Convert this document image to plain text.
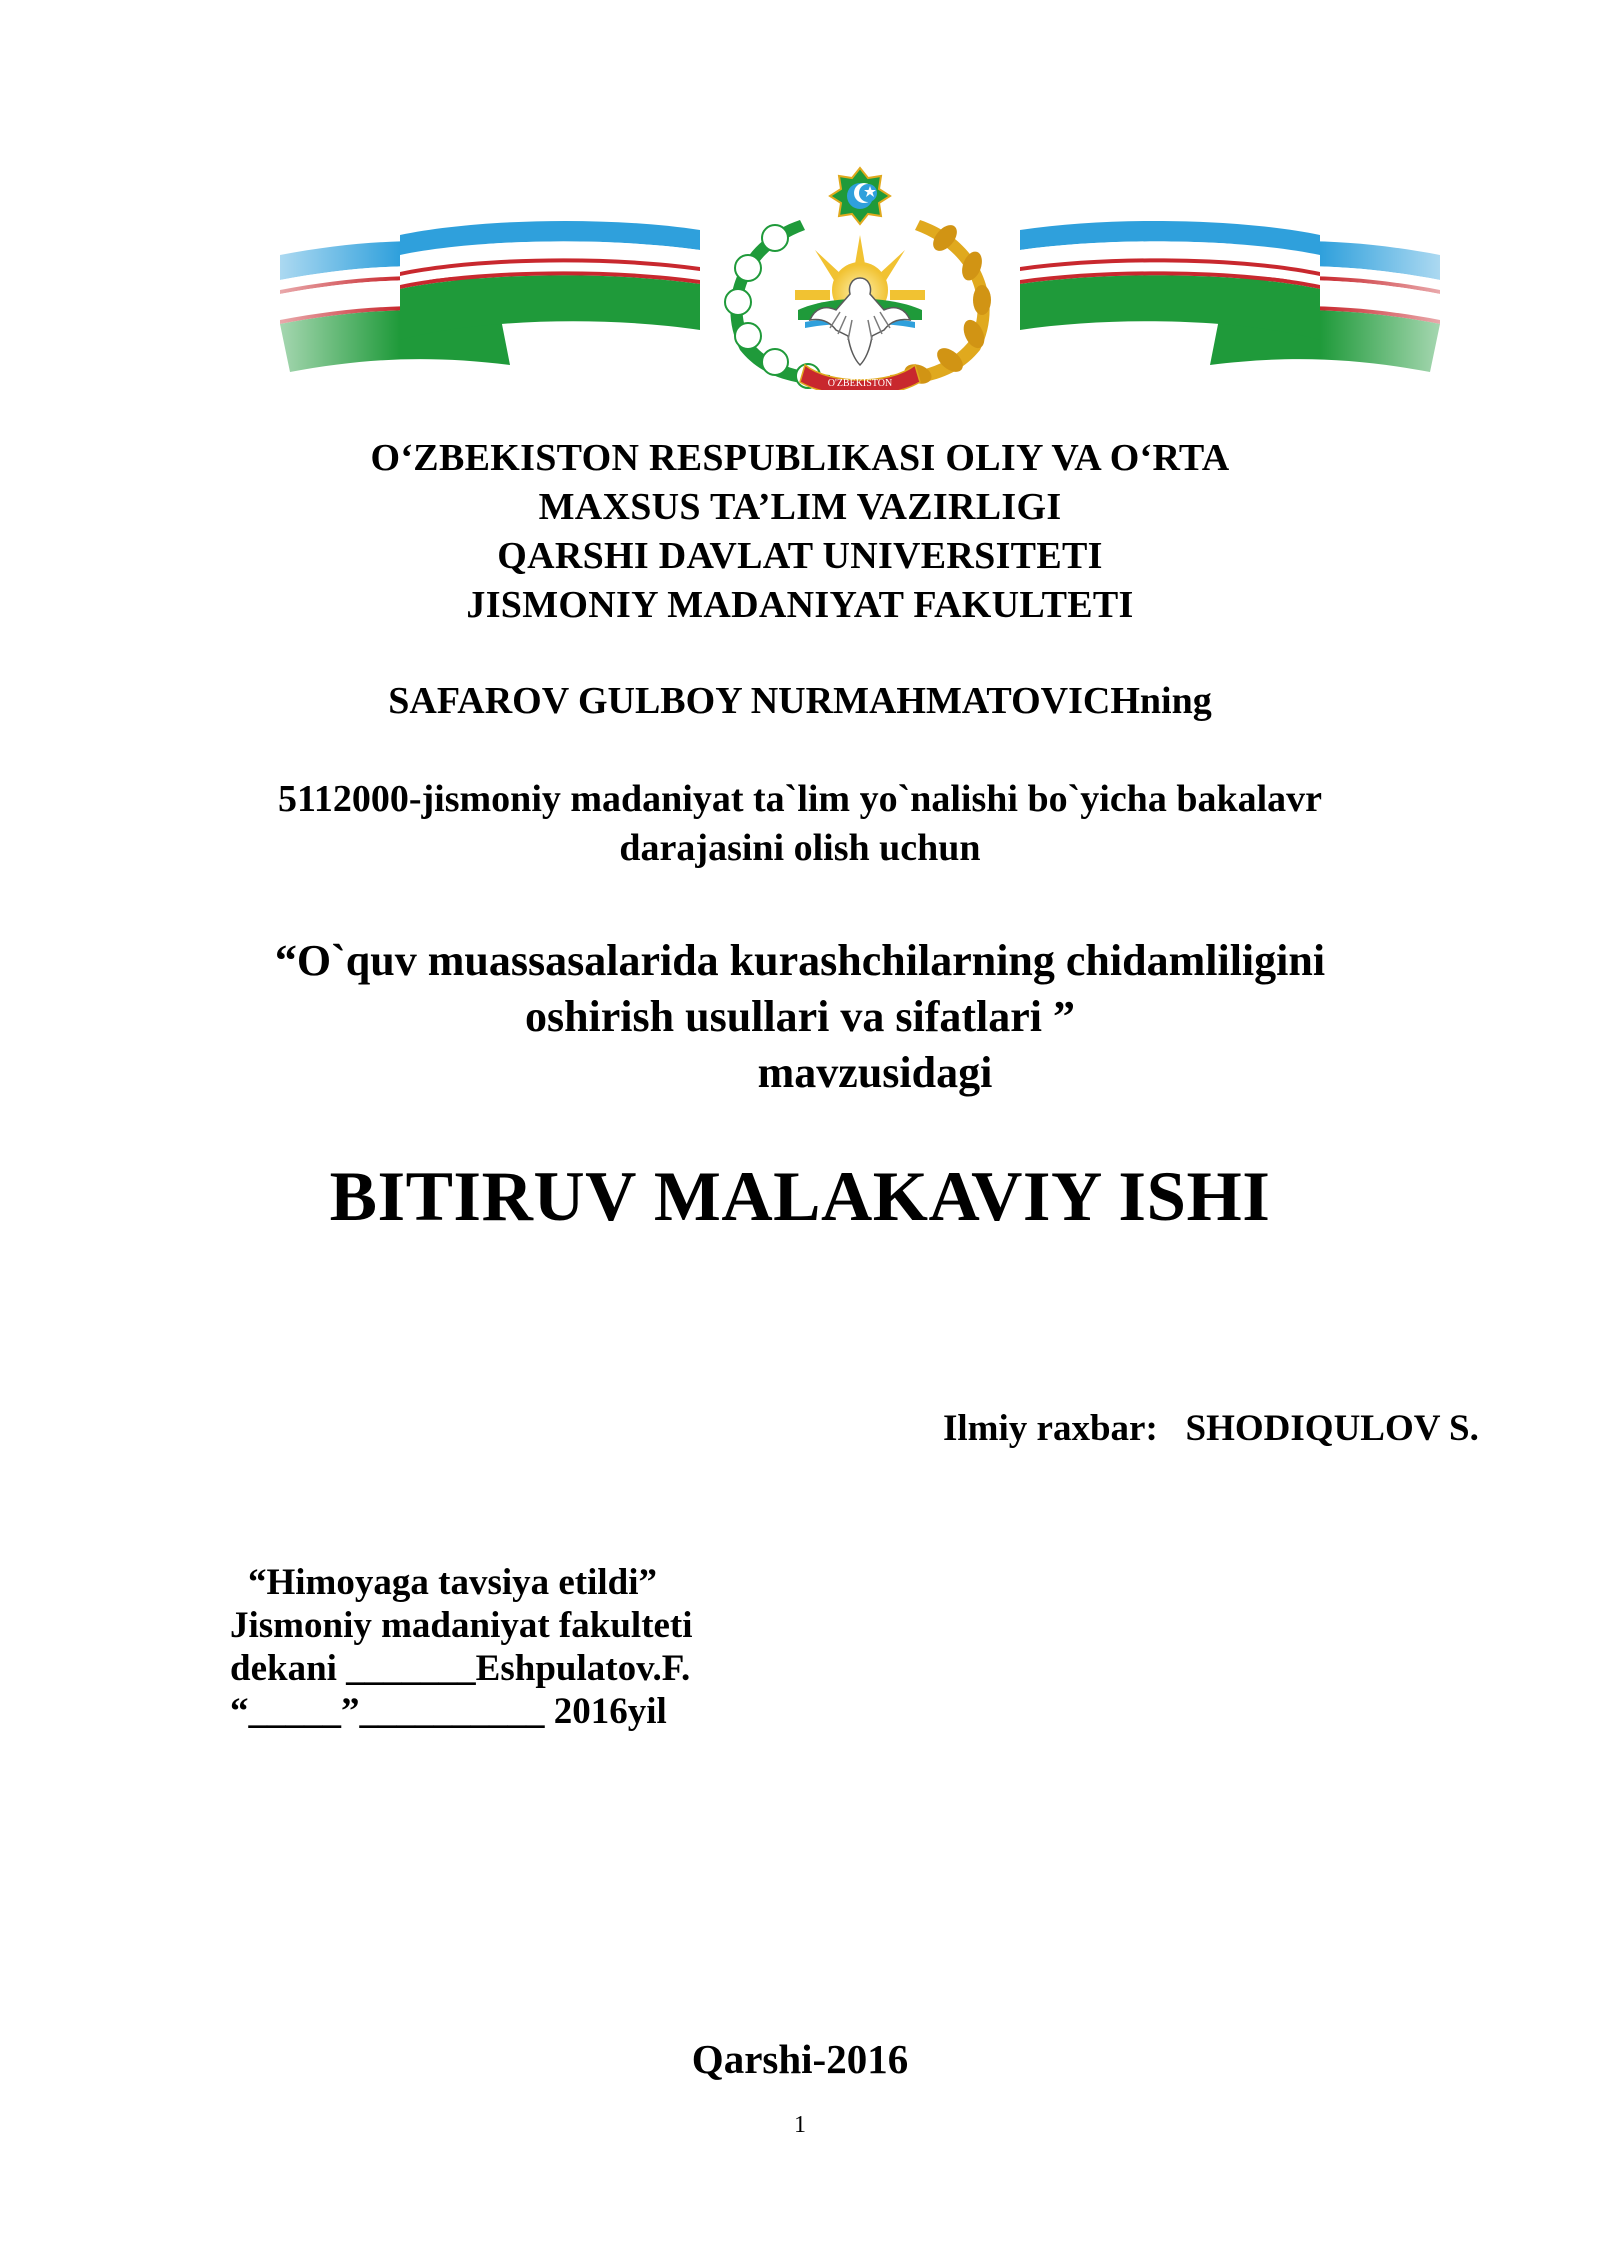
O'ZBEKISTON
O‘ZBEKISTON RESPUBLIKASI OLIY VA O‘RTA
MAXSUS TA’LIM VAZIRLIGI
QARSHI DAVLAT UNIVERSITETI
JISMONIY MADANIYAT FAKULTETI
SAFAROV GULBOY NURMAHMATOVICHning
5112000-jismoniy madaniyat ta`lim yo`nalishi bo`yicha bakalavr
darajasini olish uchun
“O`quv muassasalarida kurashchilarning chidamliligini
oshirish usullari va sifatlari ”
mavzusidagi
BITIRUV MALAKAVIY ISHI
Ilmiy raxbar: SHODIQULOV S.
“Himoyaga tavsiya etildi”
Jismoniy madaniyat fakulteti
dekani _______Eshpulatov.F.
“_____”__________ 2016yil
Qarshi-2016
1
